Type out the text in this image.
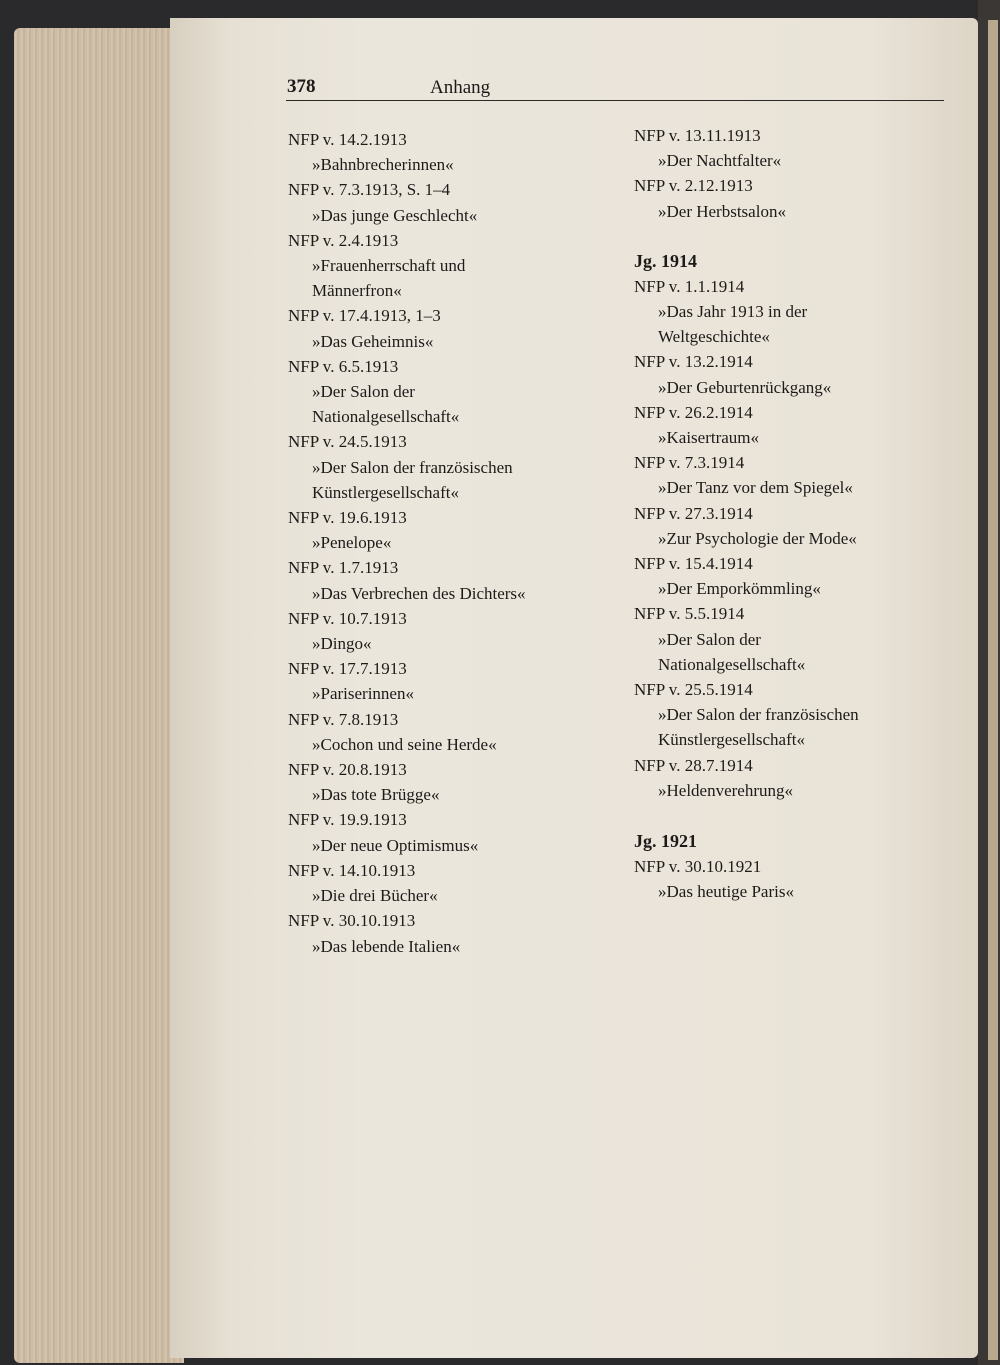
378	Anhang
NFP v. 14.2.1913
»Bahnbrecherinnen«
NFP v. 7.3.1913, S. 1–4
»Das junge Geschlecht«
NFP v. 2.4.1913
»Frauenherrschaft und
Männerfron«
NFP v. 17.4.1913, 1–3
»Das Geheimnis«
NFP v. 6.5.1913
»Der Salon der
Nationalgesellschaft«
NFP v. 24.5.1913
»Der Salon der französischen
Künstlergesellschaft«
NFP v. 19.6.1913
»Penelope«
NFP v. 1.7.1913
»Das Verbrechen des Dichters«
NFP v. 10.7.1913
»Dingo«
NFP v. 17.7.1913
»Pariserinnen«
NFP v. 7.8.1913
»Cochon und seine Herde«
NFP v. 20.8.1913
»Das tote Brügge«
NFP v. 19.9.1913
»Der neue Optimismus«
NFP v. 14.10.1913
»Die drei Bücher«
NFP v. 30.10.1913
»Das lebende Italien«
NFP v. 13.11.1913
»Der Nachtfalter«
NFP v. 2.12.1913
»Der Herbstsalon«
Jg. 1914
NFP v. 1.1.1914
»Das Jahr 1913 in der
Weltgeschichte«
NFP v. 13.2.1914
»Der Geburtenrückgang«
NFP v. 26.2.1914
»Kaisertraum«
NFP v. 7.3.1914
»Der Tanz vor dem Spiegel«
NFP v. 27.3.1914
»Zur Psychologie der Mode«
NFP v. 15.4.1914
»Der Emporkömmling«
NFP v. 5.5.1914
»Der Salon der
Nationalgesellschaft«
NFP v. 25.5.1914
»Der Salon der französischen
Künstlergesellschaft«
NFP v. 28.7.1914
»Heldenverehrung«
Jg. 1921
NFP v. 30.10.1921
»Das heutige Paris«
